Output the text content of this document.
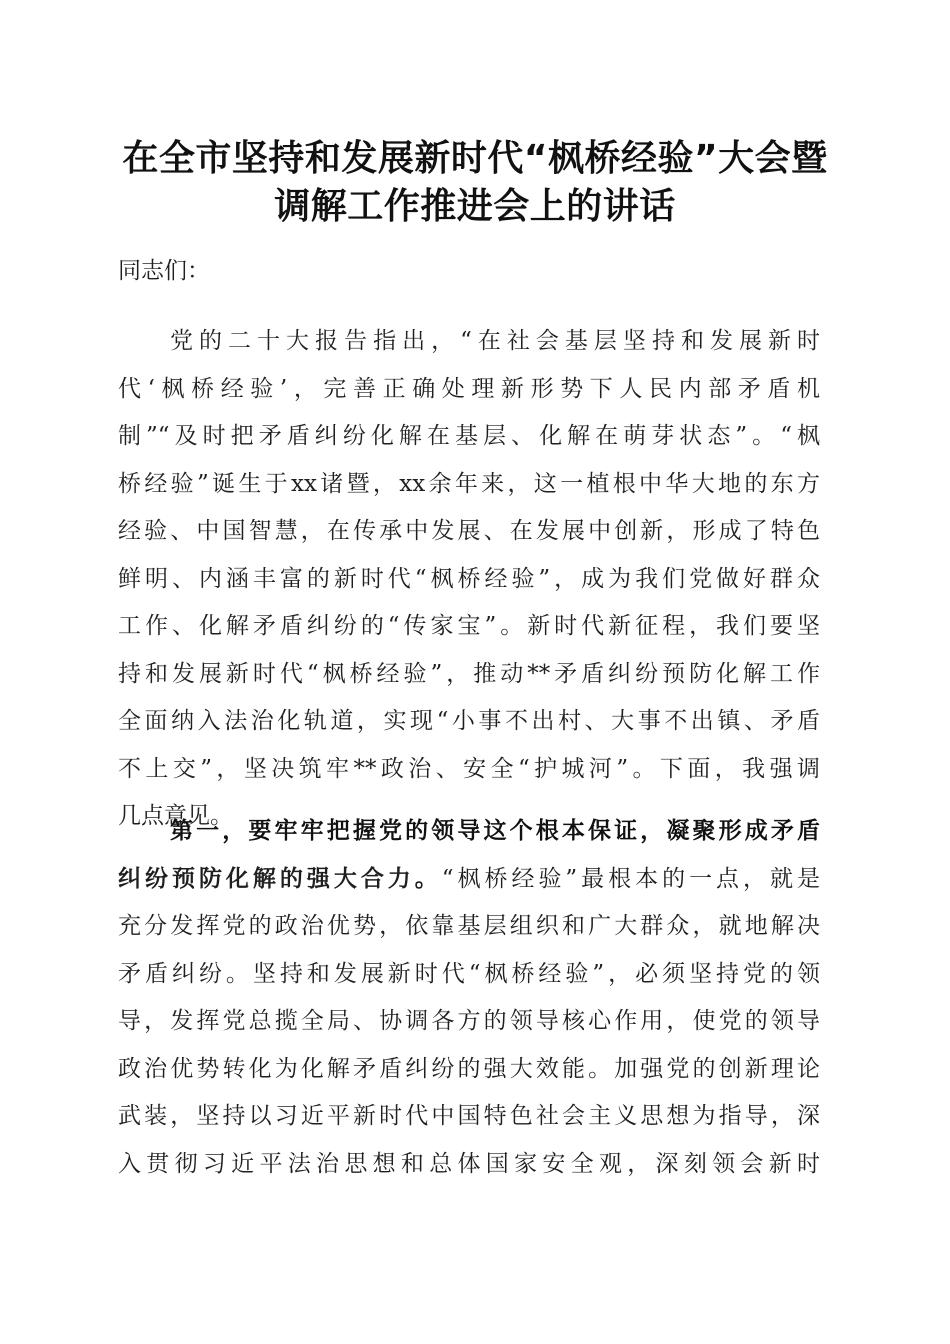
在全市坚持和发展新时代“枫桥经验”大会暨
调解工作推进会上的讲话

同志们：

党的二十大报告指出，“在社会基层坚持和发展新时

代‘枫桥经验’，完善正确处理新形势下人民内部矛盾机

制”“及时把矛盾纠纷化解在基层、化解在萌芽状态”。“枫

桥经验”诞生于xx诸暨，xx余年来，这一植根中华大地的东方

经验、中国智慧，在传承中发展、在发展中创新，形成了特色

鲜明、内涵丰富的新时代“枫桥经验”，成为我们党做好群众

工作、化解矛盾纠纷的“传家宝”。新时代新征程，我们要坚

持和发展新时代“枫桥经验”，推动**矛盾纠纷预防化解工作

全面纳入法治化轨道，实现“小事不出村、大事不出镇、矛盾

不上交”，坚决筑牢**政治、安全“护城河”。下面，我强调

几点意见。

第一，要牢牢把握党的领导这个根本保证，凝聚形成矛盾

纠纷预防化解的强大合力。“枫桥经验”最根本的一点，就是

充分发挥党的政治优势，依靠基层组织和广大群众，就地解决

矛盾纠纷。坚持和发展新时代“枫桥经验”，必须坚持党的领

导，发挥党总揽全局、协调各方的领导核心作用，使党的领导

政治优势转化为化解矛盾纠纷的强大效能。加强党的创新理论

武装，坚持以习近平新时代中国特色社会主义思想为指导，深

入贯彻习近平法治思想和总体国家安全观，深刻领会新时
